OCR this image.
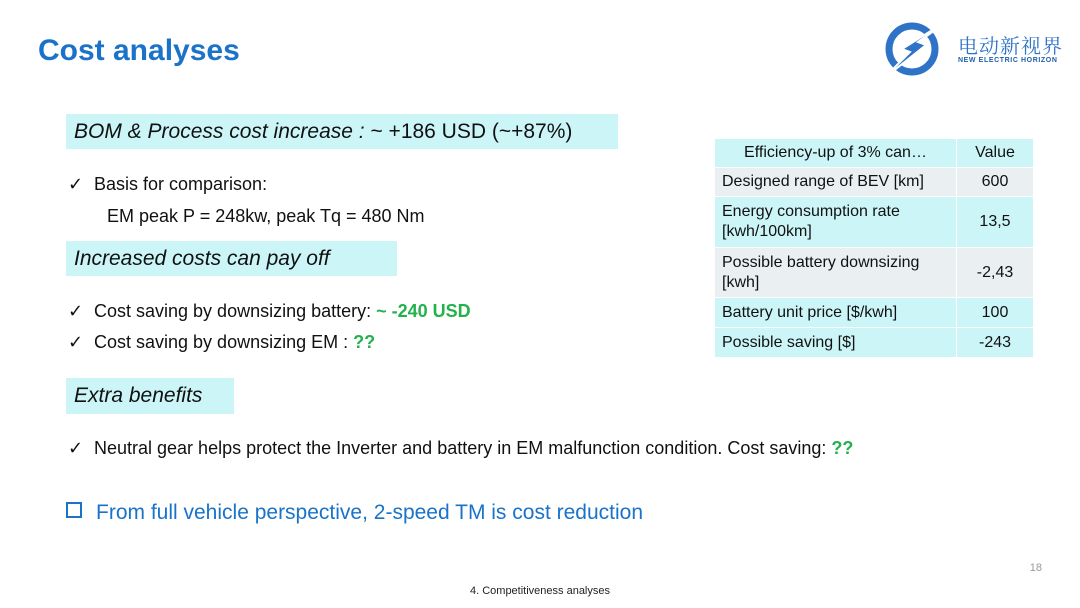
Cost analyses	电动新视界
NEW ELECTRIC HORIZON
BOM & Process cost increase :
~ +186 USD (~+87%)
✓ Basis for comparison:
EM peak P = 248kw, peak Tq = 480 Nm
Increased costs can pay off
✓ Cost saving by downsizing battery: ~ -240 USD
✓ Cost saving by downsizing EM : ??
Extra benefits
✓ Neutral gear helps protect the Inverter and battery in EM malfunction condition. Cost saving: ??
From full vehicle perspective, 2-speed TM is cost reduction
Efficiency-up of 3% can…	Value
Designed range of BEV [km]	600
Energy consumption rate [kwh/100km]	13,5
Possible battery downsizing [kwh]	-2,43
Battery unit price [$/kwh]	100
Possible saving [$]	-243
18
4. Competitiveness analyses
